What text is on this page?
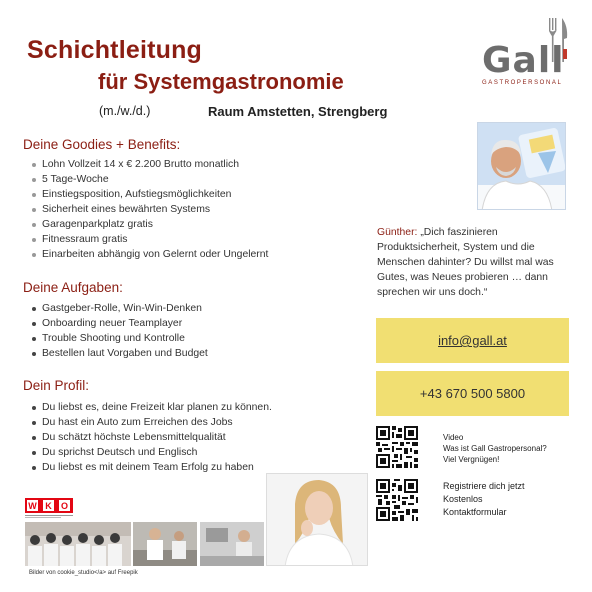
Schichtleitung
für Systemgastronomie
(m./w./d.)	Raum Amstetten, Strengberg
Gall
GASTROPERSONAL
Deine Goodies + Benefits:
Lohn Vollzeit 14 x € 2.200 Brutto monatlich
5 Tage-Woche
Einstiegsposition, Aufstiegsmöglichkeiten
Sicherheit eines bewährten Systems
Garagenparkplatz gratis
Fitnessraum gratis
Einarbeiten abhängig von Gelernt oder Ungelernt
Deine Aufgaben:
Gastgeber-Rolle, Win-Win-Denken
Onboarding neuer Teamplayer
Trouble Shooting und Kontrolle
Bestellen laut Vorgaben und Budget
Dein Profil:
Du liebst es, deine Freizeit klar planen zu können.
Du hast ein Auto zum Erreichen des Jobs
Du schätzt höchste Lebensmittelqualität
Du sprichst Deutsch und Englisch
Du liebst es mit deinem Team Erfolg zu haben
Günther: „Dich faszinieren
Produktsicherheit, System und die
Menschen dahinter? Du willst mal was
Gutes, was Neues probieren … dann
sprechen wir uns doch.“
info@gall.at
+43 670 500 5800
Video
Was ist Gall Gastropersonal?
Viel Vergnügen!
Registriere dich jetzt
Kostenlos
Kontaktformular
W K O
Bilder von cookie_studio</a> auf Freepik
